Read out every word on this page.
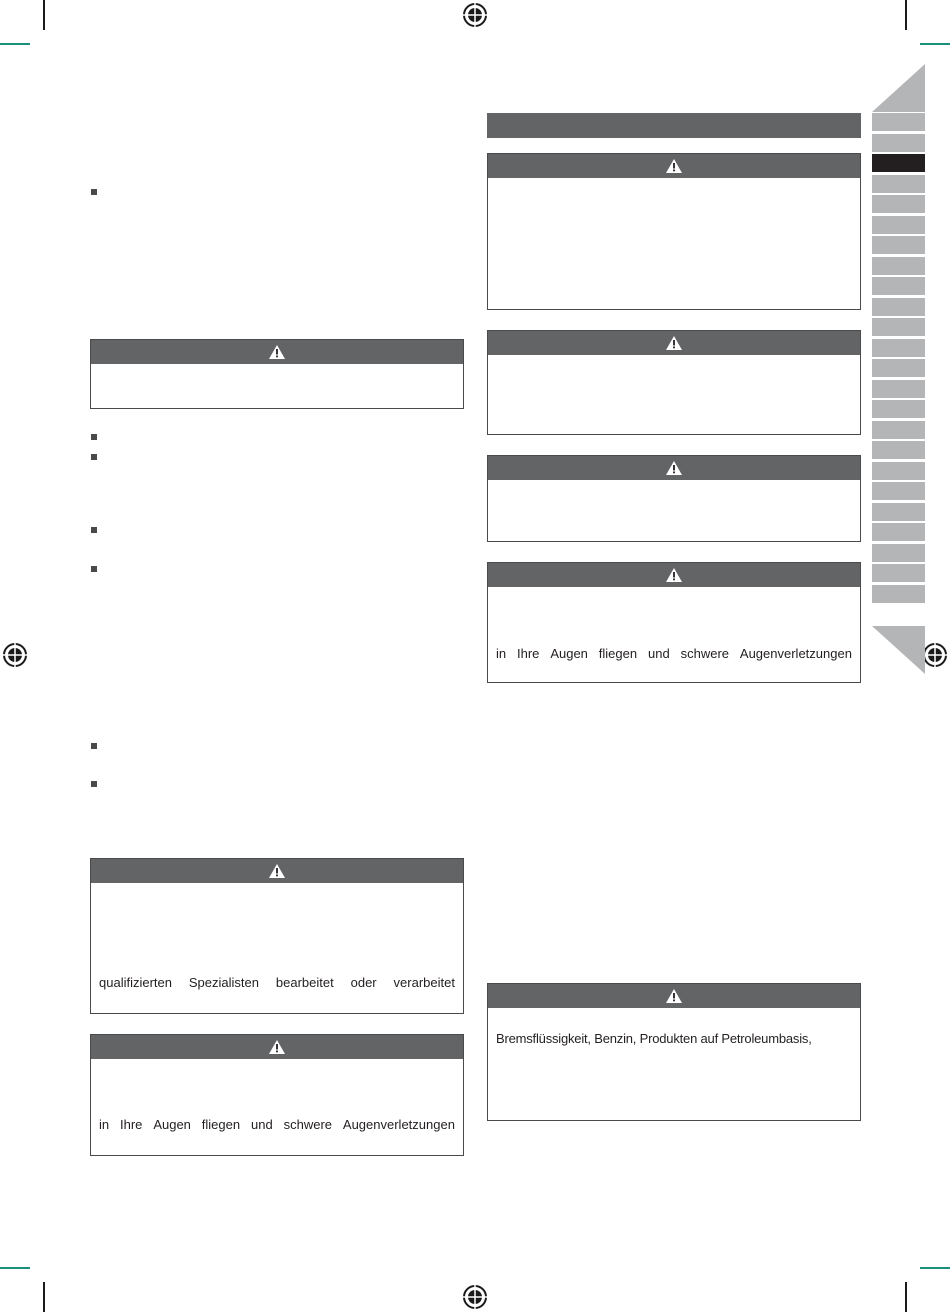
qualifizierten Spezialisten bearbeitet oder verarbeitet
in Ihre Augen fliegen und schwere Augenverletzungen
in Ihre Augen fliegen und schwere Augenverletzungen
Bremsflüssigkeit, Benzin, Produkten auf Petroleumbasis,
